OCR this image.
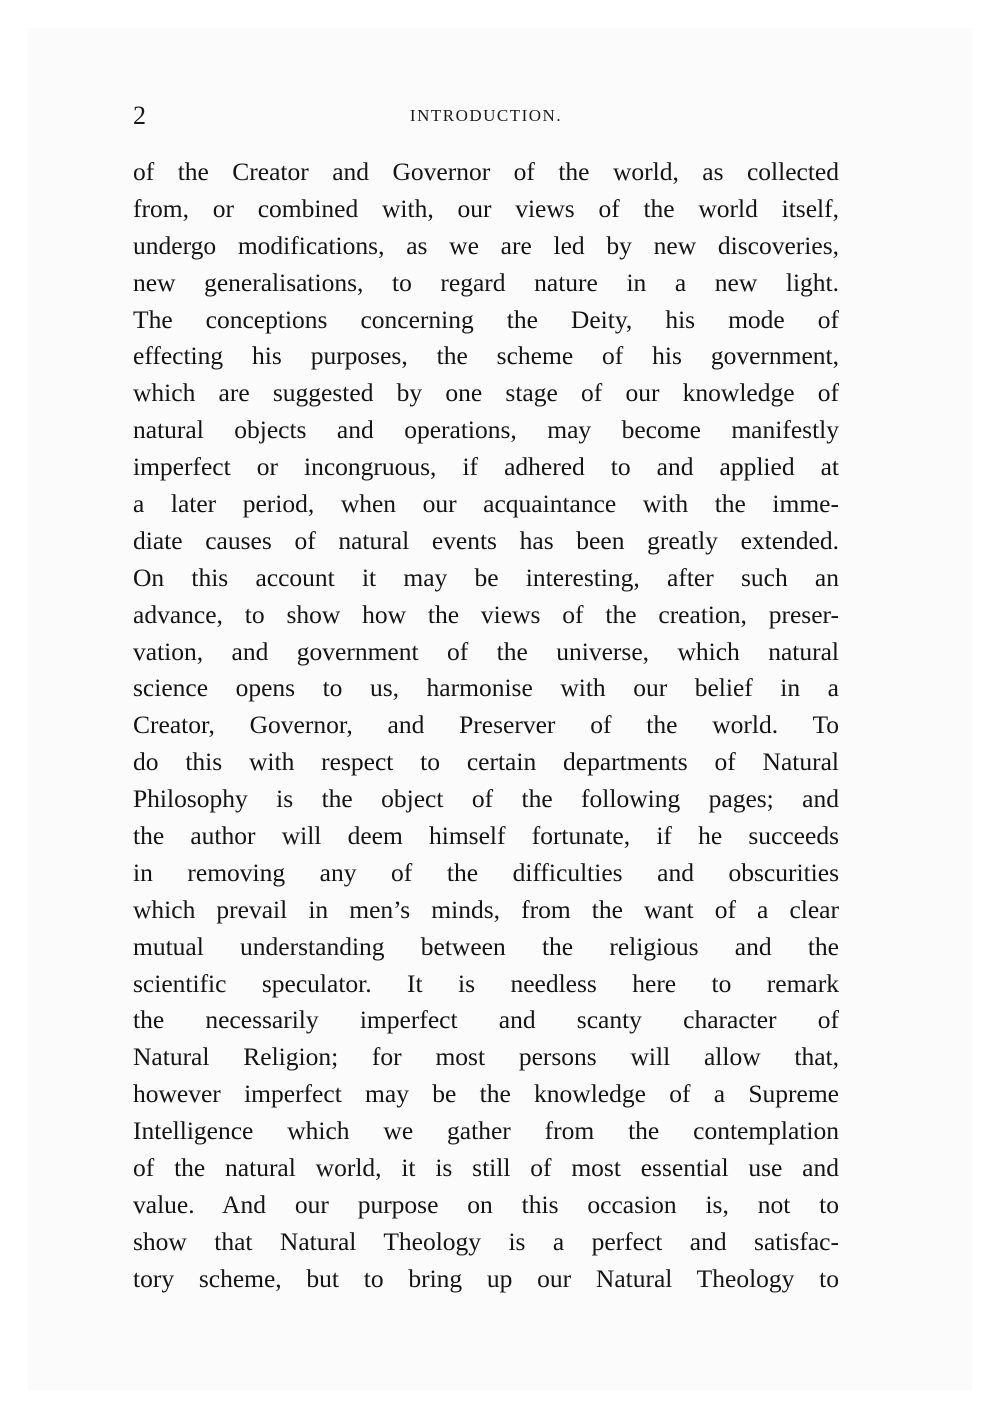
2	INTRODUCTION.
of the Creator and Governor of the world, as collected
from, or combined with, our views of the world itself,
undergo modifications, as we are led by new discoveries,
new generalisations, to regard nature in a new light.
The conceptions concerning the Deity, his mode of
effecting his purposes, the scheme of his government,
which are suggested by one stage of our knowledge of
natural objects and operations, may become manifestly
imperfect or incongruous, if adhered to and applied at
a later period, when our acquaintance with the imme-
diate causes of natural events has been greatly extended.
On this account it may be interesting, after such an
advance, to show how the views of the creation, preser-
vation, and government of the universe, which natural
science opens to us, harmonise with our belief in a
Creator, Governor, and Preserver of the world. To
do this with respect to certain departments of Natural
Philosophy is the object of the following pages; and
the author will deem himself fortunate, if he succeeds
in removing any of the difficulties and obscurities
which prevail in men’s minds, from the want of a clear
mutual understanding between the religious and the
scientific speculator. It is needless here to remark
the necessarily imperfect and scanty character of
Natural Religion; for most persons will allow that,
however imperfect may be the knowledge of a Supreme
Intelligence which we gather from the contemplation
of the natural world, it is still of most essential use and
value. And our purpose on this occasion is, not to
show that Natural Theology is a perfect and satisfac-
tory scheme, but to bring up our Natural Theology to
